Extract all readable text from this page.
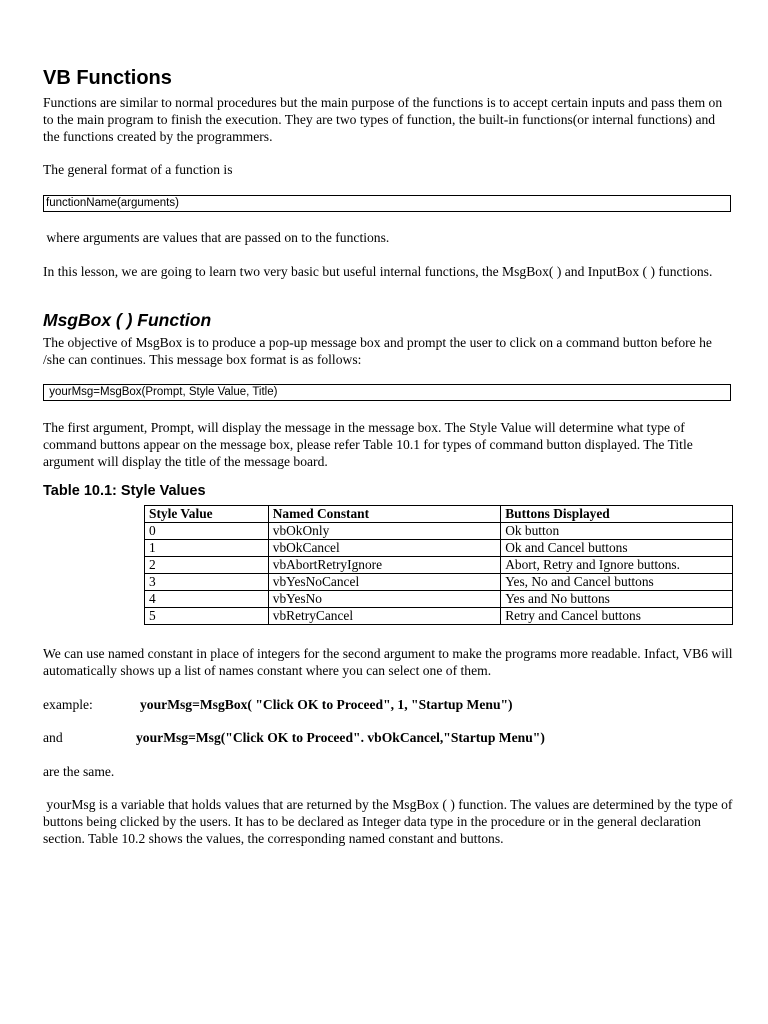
VB Functions

Functions are similar to normal procedures but the main purpose of the functions is to accept certain inputs and pass them on to the main program to finish the execution. They are two types of function, the built-in functions(or internal functions) and the functions created by the programmers.

The general format of a function is

functionName(arguments)

where arguments are values that are passed on to the functions.

In this lesson, we are going to learn two very basic but useful internal functions, the MsgBox( ) and InputBox ( ) functions.

MsgBox ( ) Function

The objective of MsgBox is to produce a pop-up message box and prompt the user to click on a command button before he /she can continues. This message box format is as follows:

yourMsg=MsgBox(Prompt, Style Value, Title)

The first argument, Prompt, will display the message in the message box. The Style Value will determine what type of command buttons appear on the message box, please refer Table 10.1 for types of command button displayed. The Title argument will display the title of the message board.

Table 10.1: Style Values
Style Value	Named Constant	Buttons Displayed
0	vbOkOnly	Ok button
1	vbOkCancel	Ok and Cancel buttons
2	vbAbortRetryIgnore	Abort, Retry and Ignore buttons.
3	vbYesNoCancel	Yes, No and Cancel buttons
4	vbYesNo	Yes and No buttons
5	vbRetryCancel	Retry and Cancel buttons

We can use named constant in place of integers for the second argument to make the programs more readable. Infact, VB6 will automatically shows up a list of names constant where you can select one of them.

example:	yourMsg=MsgBox( "Click OK to Proceed", 1, "Startup Menu")
and	yourMsg=Msg("Click OK to Proceed". vbOkCancel,"Startup Menu")

are the same.

yourMsg is a variable that holds values that are returned by the MsgBox ( ) function. The values are determined by the type of buttons being clicked by the users. It has to be declared as Integer data type in the procedure or in the general declaration section. Table 10.2 shows the values, the corresponding named constant and buttons.
